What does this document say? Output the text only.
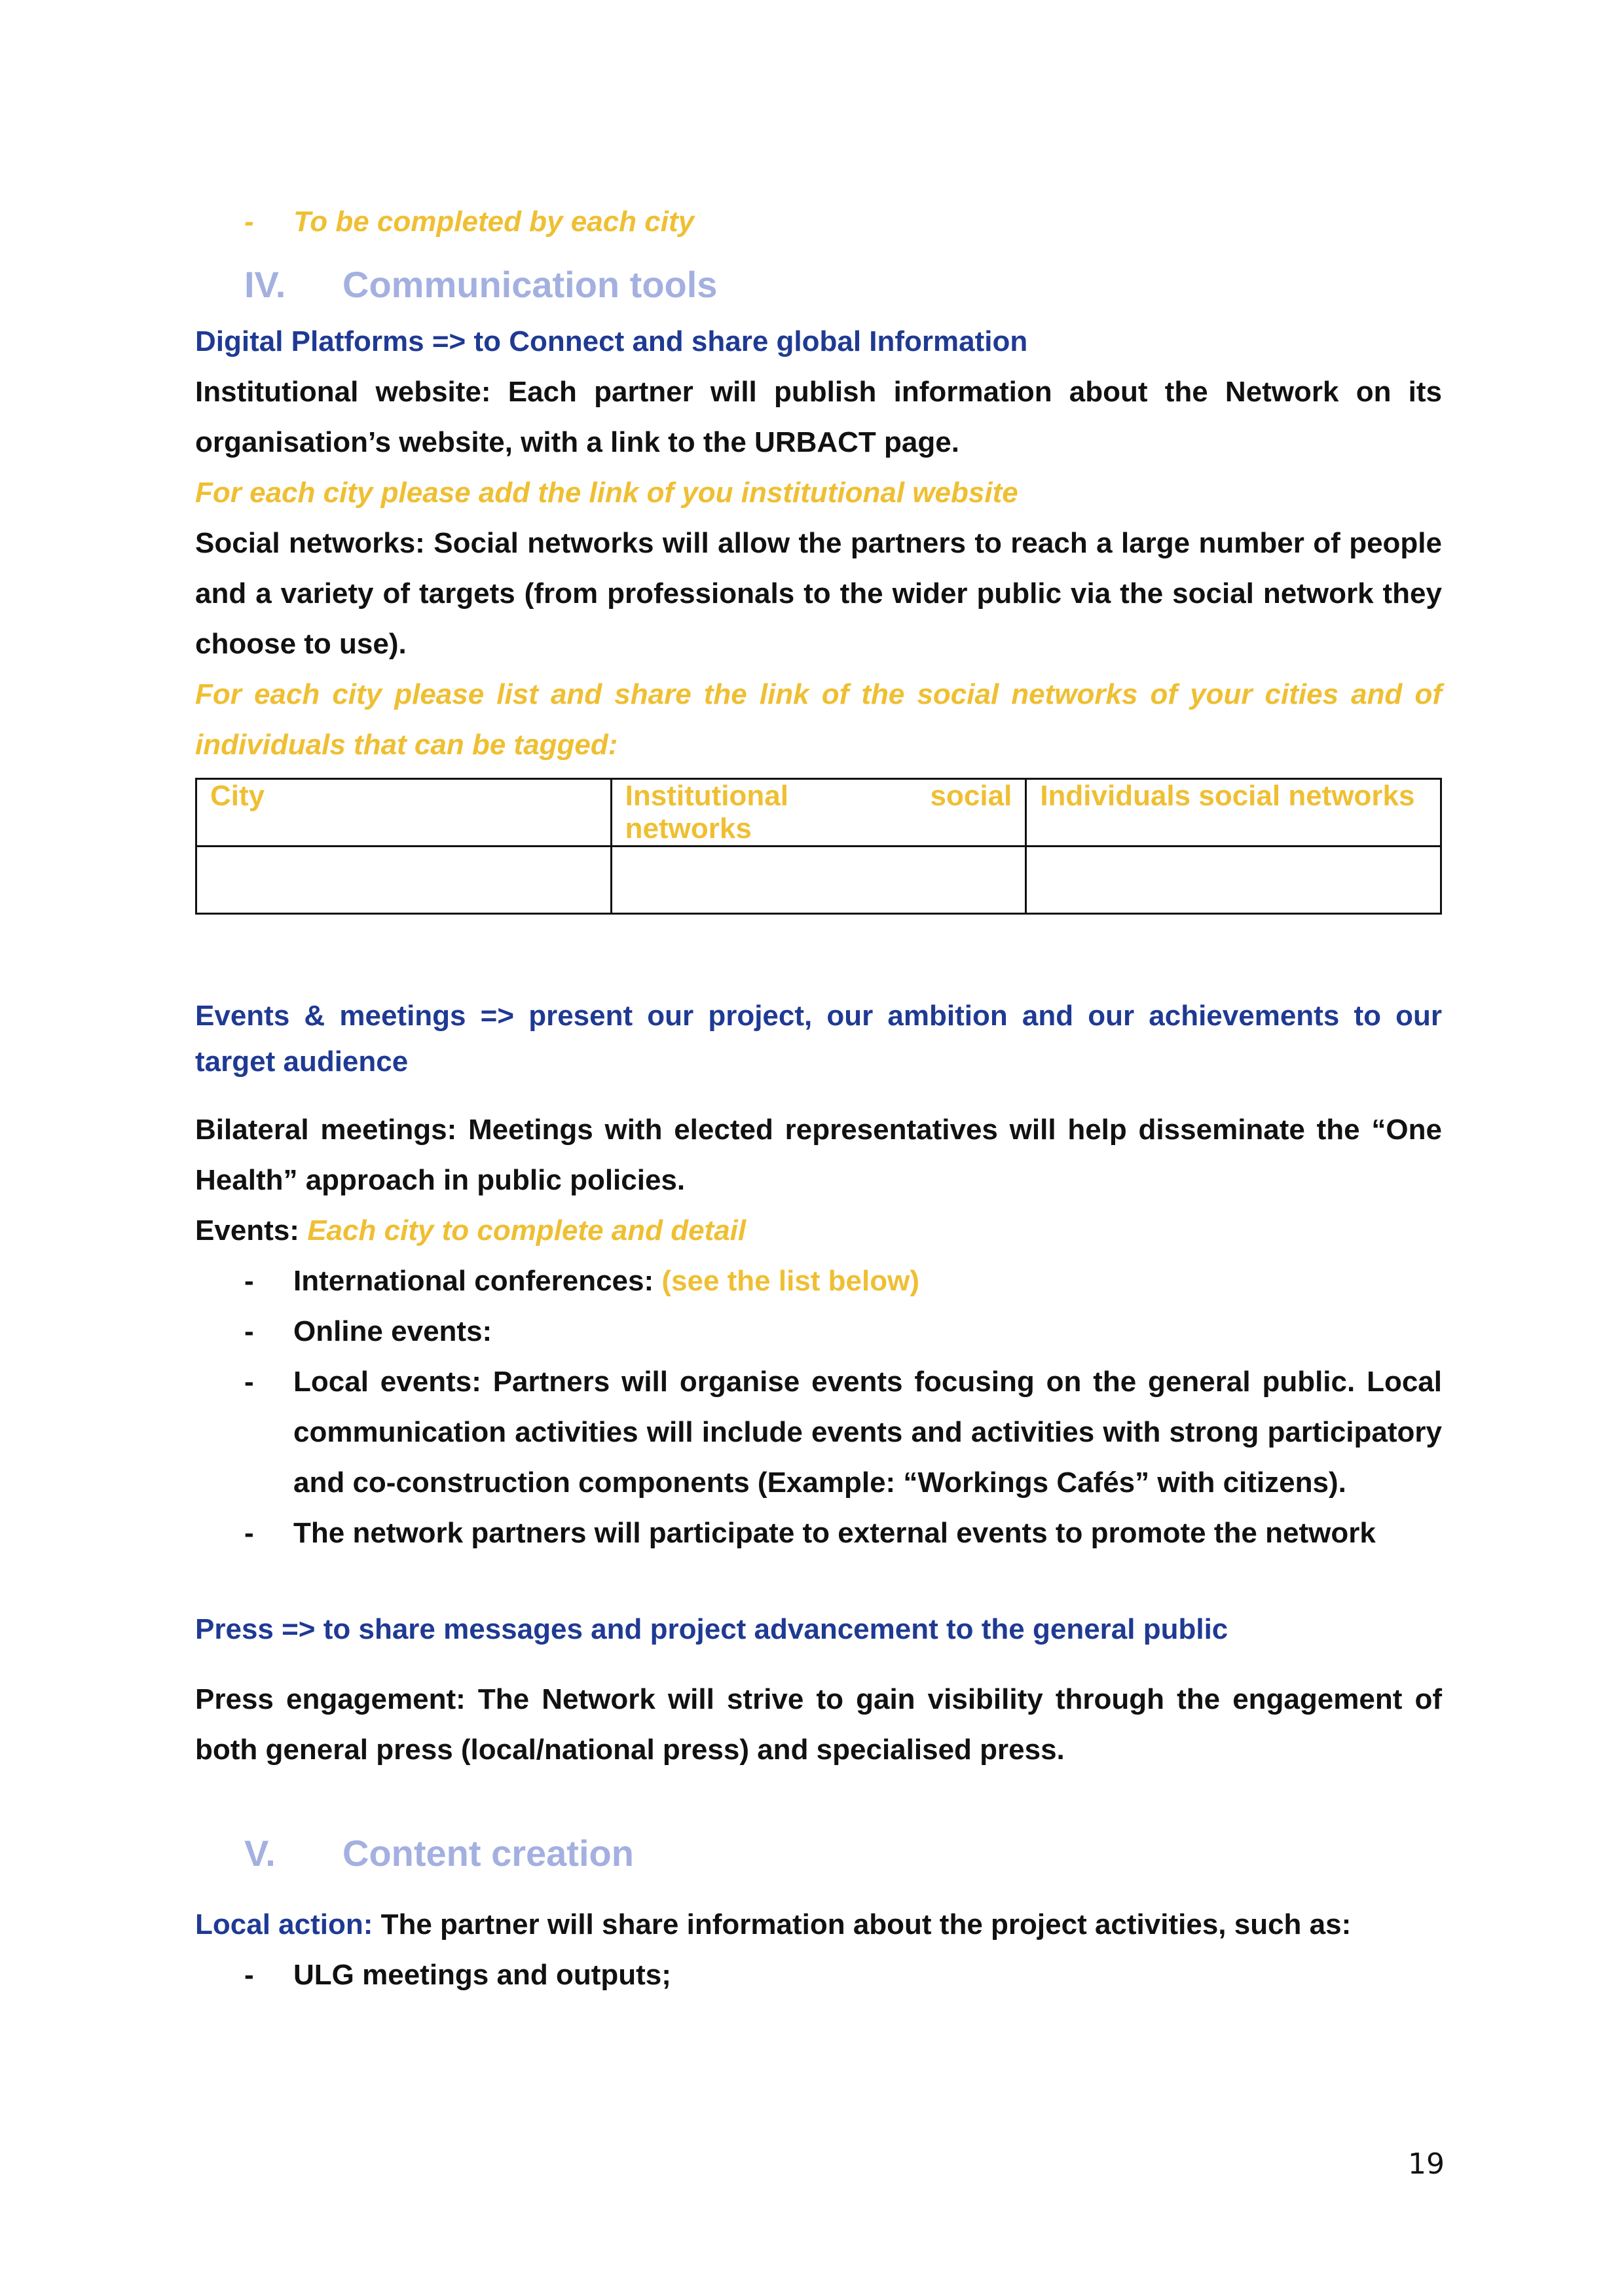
-	To be completed by each city
IV.	Communication tools
Digital Platforms => to Connect and share global Information
Institutional website: Each partner will publish information about the Network on its organisation’s website, with a link to the URBACT page.
For each city please add the link of you institutional website
Social networks: Social networks will allow the partners to reach a large number of people and a variety of targets (from professionals to the wider public via the social network they choose to use).
For each city please list and share the link of the social networks of your cities and of individuals that can be tagged:
City	Institutional social networks	Individuals social networks

Events & meetings => present our project, our ambition and our achievements to our target audience
Bilateral meetings: Meetings with elected representatives will help disseminate the “One Health” approach in public policies.
Events: Each city to complete and detail
-	International conferences: (see the list below)
-	Online events:
-	Local events: Partners will organise events focusing on the general public. Local communication activities will include events and activities with strong participatory and co-construction components (Example: “Workings Cafés” with citizens).
-	The network partners will participate to external events to promote the network
Press => to share messages and project advancement to the general public
Press engagement: The Network will strive to gain visibility through the engagement of both general press (local/national press) and specialised press.
V.	Content creation
Local action: The partner will share information about the project activities, such as:
-	ULG meetings and outputs;
19
